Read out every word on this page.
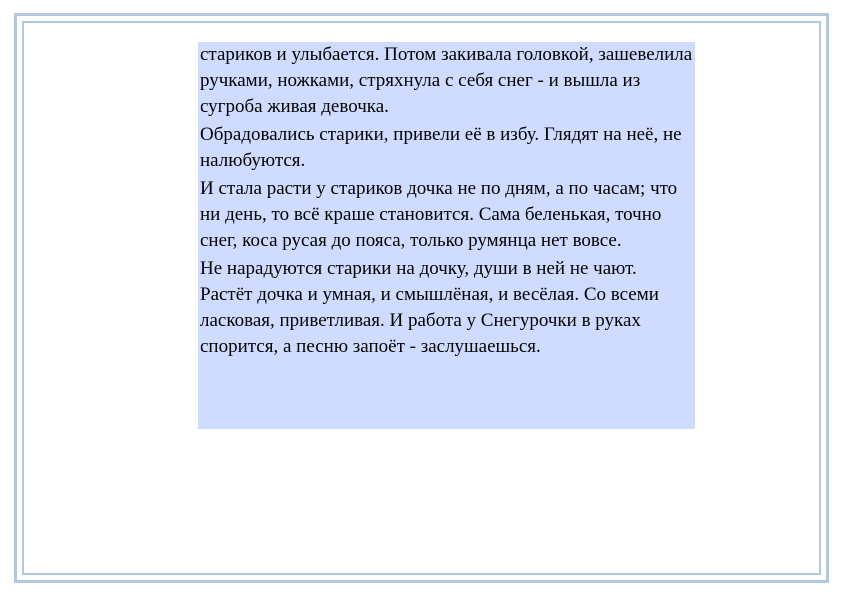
стариков и улыбается. Потом закивала головкой, зашевелила ручками, ножками, стряхнула с себя снег - и вышла из сугроба живая девочка.

Обрадовались старики, привели её в избу. Глядят на неё, не налюбуются.

И стала расти у стариков дочка не по дням, а по часам; что ни день, то всё краше становится. Сама беленькая, точно снег, коса русая до пояса, только румянца нет вовсе.

Не нарадуются старики на дочку, души в ней не чают. Растёт дочка и умная, и смышлёная, и весёлая. Со всеми ласковая, приветливая. И работа у Снегурочки в руках спорится, а песню запоёт - заслушаешься.
